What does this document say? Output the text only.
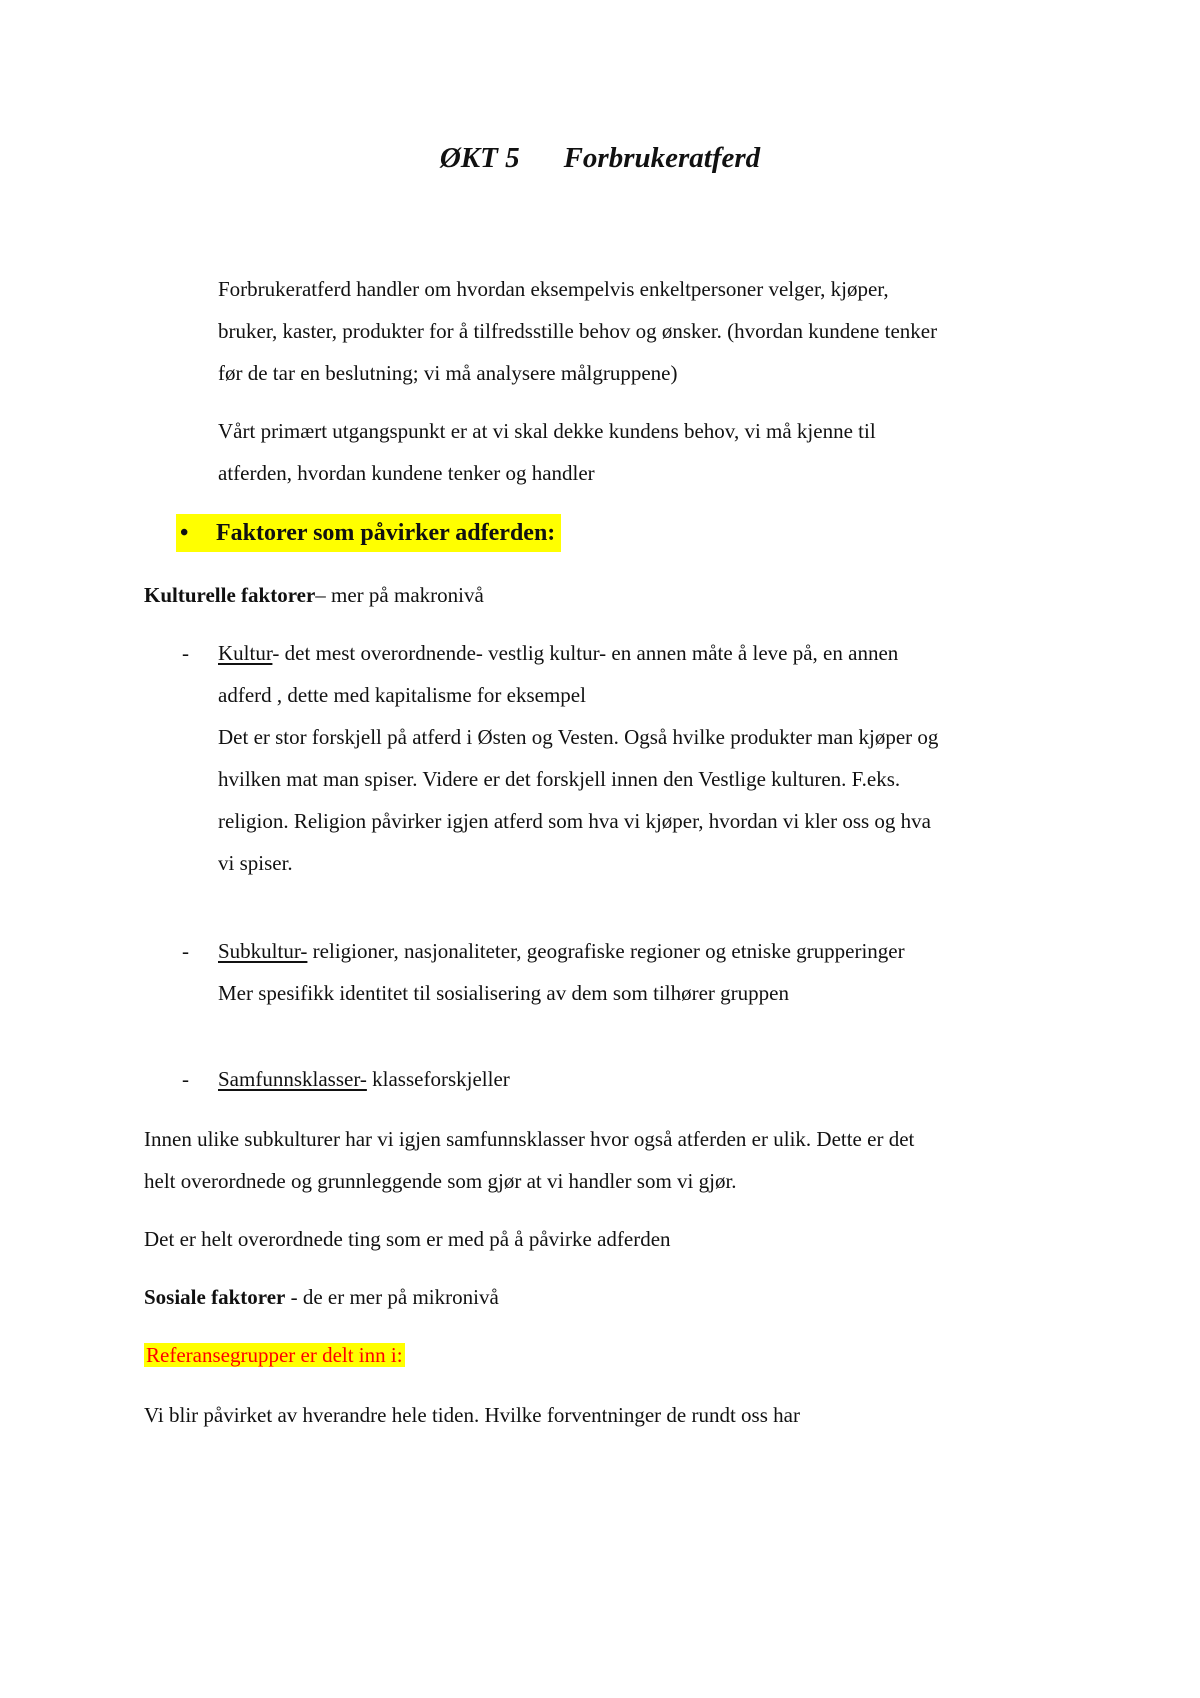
ØKT 5 Forbrukeratferd
Forbrukeratferd handler om hvordan eksempelvis enkeltpersoner velger, kjøper,
bruker, kaster, produkter for å tilfredsstille behov og ønsker. (hvordan kundene tenker
før de tar en beslutning; vi må analysere målgruppene)
Vårt primært utgangspunkt er at vi skal dekke kundens behov, vi må kjenne til
atferden, hvordan kundene tenker og handler
• Faktorer som påvirker adferden:
Kulturelle faktorer– mer på makronivå
- Kultur- det mest overordnende- vestlig kultur- en annen måte å leve på, en annen
adferd , dette med kapitalisme for eksempel
Det er stor forskjell på atferd i Østen og Vesten. Også hvilke produkter man kjøper og
hvilken mat man spiser. Videre er det forskjell innen den Vestlige kulturen. F.eks.
religion. Religion påvirker igjen atferd som hva vi kjøper, hvordan vi kler oss og hva
vi spiser.
- Subkultur- religioner, nasjonaliteter, geografiske regioner og etniske grupperinger
Mer spesifikk identitet til sosialisering av dem som tilhører gruppen
- Samfunnsklasser- klasseforskjeller
Innen ulike subkulturer har vi igjen samfunnsklasser hvor også atferden er ulik. Dette er det
helt overordnede og grunnleggende som gjør at vi handler som vi gjør.
Det er helt overordnede ting som er med på å påvirke adferden
Sosiale faktorer - de er mer på mikronivå
Referansegrupper er delt inn i:
Vi blir påvirket av hverandre hele tiden. Hvilke forventninger de rundt oss har
